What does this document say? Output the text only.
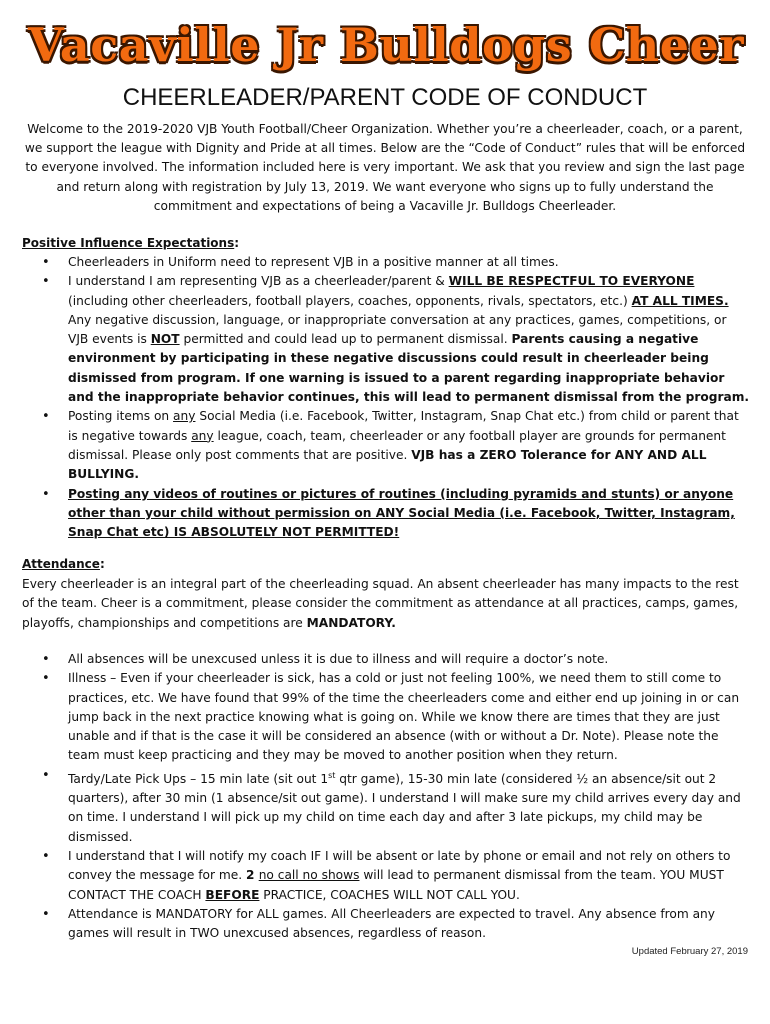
Vacaville Jr Bulldogs Cheer
CHEERLEADER/PARENT CODE OF CONDUCT
Welcome to the 2019-2020 VJB Youth Football/Cheer Organization. Whether you’re a cheerleader, coach, or a parent, we support the league with Dignity and Pride at all times. Below are the “Code of Conduct” rules that will be enforced to everyone involved. The information included here is very important. We ask that you review and sign the last page and return along with registration by July 13, 2019. We want everyone who signs up to fully understand the commitment and expectations of being a Vacaville Jr. Bulldogs Cheerleader.
Positive Influence Expectations:
• Cheerleaders in Uniform need to represent VJB in a positive manner at all times.
• I understand I am representing VJB as a cheerleader/parent & WILL BE RESPECTFUL TO EVERYONE (including other cheerleaders, football players, coaches, opponents, rivals, spectators, etc.) AT ALL TIMES. Any negative discussion, language, or inappropriate conversation at any practices, games, competitions, or VJB events is NOT permitted and could lead up to permanent dismissal. Parents causing a negative environment by participating in these negative discussions could result in cheerleader being dismissed from program. If one warning is issued to a parent regarding inappropriate behavior and the inappropriate behavior continues, this will lead to permanent dismissal from the program.
• Posting items on any Social Media (i.e. Facebook, Twitter, Instagram, Snap Chat etc.) from child or parent that is negative towards any league, coach, team, cheerleader or any football player are grounds for permanent dismissal. Please only post comments that are positive. VJB has a ZERO Tolerance for ANY AND ALL BULLYING.
• Posting any videos of routines or pictures of routines (including pyramids and stunts) or anyone other than your child without permission on ANY Social Media (i.e. Facebook, Twitter, Instagram, Snap Chat etc) IS ABSOLUTELY NOT PERMITTED!
Attendance:
Every cheerleader is an integral part of the cheerleading squad. An absent cheerleader has many impacts to the rest of the team. Cheer is a commitment, please consider the commitment as attendance at all practices, camps, games, playoffs, championships and competitions are MANDATORY.
• All absences will be unexcused unless it is due to illness and will require a doctor’s note.
• Illness – Even if your cheerleader is sick, has a cold or just not feeling 100%, we need them to still come to practices, etc. We have found that 99% of the time the cheerleaders come and either end up joining in or can jump back in the next practice knowing what is going on. While we know there are times that they are just unable and if that is the case it will be considered an absence (with or without a Dr. Note). Please note the team must keep practicing and they may be moved to another position when they return.
• Tardy/Late Pick Ups – 15 min late (sit out 1st qtr game), 15-30 min late (considered ½ an absence/sit out 2 quarters), after 30 min (1 absence/sit out game). I understand I will make sure my child arrives every day and on time. I understand I will pick up my child on time each day and after 3 late pickups, my child may be dismissed.
• I understand that I will notify my coach IF I will be absent or late by phone or email and not rely on others to convey the message for me. 2 no call no shows will lead to permanent dismissal from the team. YOU MUST CONTACT THE COACH BEFORE PRACTICE, COACHES WILL NOT CALL YOU.
• Attendance is MANDATORY for ALL games. All Cheerleaders are expected to travel. Any absence from any games will result in TWO unexcused absences, regardless of reason.
Updated February 27, 2019
